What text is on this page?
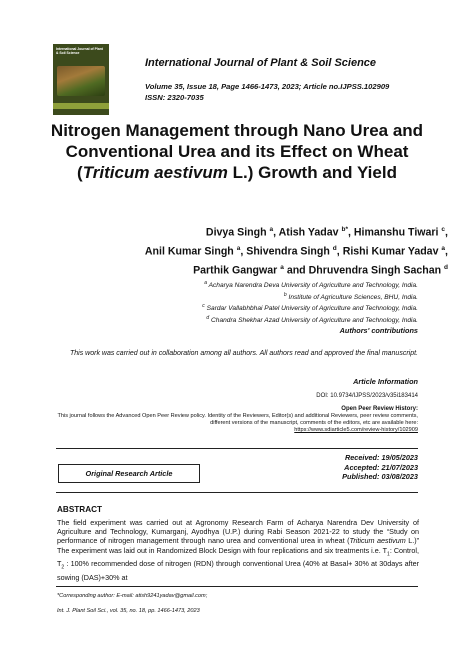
International Journal of Plant & Soil Science
International Journal of Plant & Soil Science
Volume 35, Issue 18, Page 1466-1473, 2023; Article no.IJPSS.102909
ISSN: 2320-7035
Nitrogen Management through Nano Urea and Conventional Urea and its Effect on Wheat (Triticum aestivum L.) Growth and Yield
Divya Singh $^a$, Atish Yadav $^{b*}$, Himanshu Tiwari $^c$,
Anil Kumar Singh $^a$, Shivendra Singh $^d$, Rishi Kumar Yadav $^a$,
Parthik Gangwar $^a$ and Dhruvendra Singh Sachan $^d$
$^a$ Acharya Narendra Deva University of Agriculture and Technology, India.
$^b$ Institute of Agriculture Sciences, BHU, India.
$^c$ Sardar Vallabhbhai Patel University of Agriculture and Technology, India.
$^d$ Chandra Shekhar Azad University of Agriculture and Technology, India.
Authors' contributions
This work was carried out in collaboration among all authors. All authors read and approved the final manuscript.
Article Information
DOI: 10.9734/IJPSS/2023/v35i183414
Open Peer Review History:
This journal follows the Advanced Open Peer Review policy. Identity of the Reviewers, Editor(s) and additional Reviewers, peer review comments, different versions of the manuscript, comments of the editors, etc are available here:
https://www.sdiarticle5.com/review-history/102909
Original Research Article
Received: 19/05/2023
Accepted: 21/07/2023
Published: 03/08/2023
ABSTRACT
The field experiment was carried out at Agronomy Research Farm of Acharya Narendra Dev University of Agriculture and Technology, Kumarganj, Ayodhya (U.P.) during Rabi Season 2021-22 to study the “Study on performance of nitrogen management through nano urea and conventional urea in wheat (Triticum aestivum L.)” The experiment was laid out in Randomized Block Design with four replications and six treatments i.e. $T_1$: Control, $T_2$ : 100% recommended dose of nitrogen (RDN) through conventional Urea (40% at Basal+ 30% at 30days after sowing (DAS)+30% at
*Corresponding author: E-mail: atish9241yadav@gmail.com;
Int. J. Plant Soil Sci., vol. 35, no. 18, pp. 1466-1473, 2023
